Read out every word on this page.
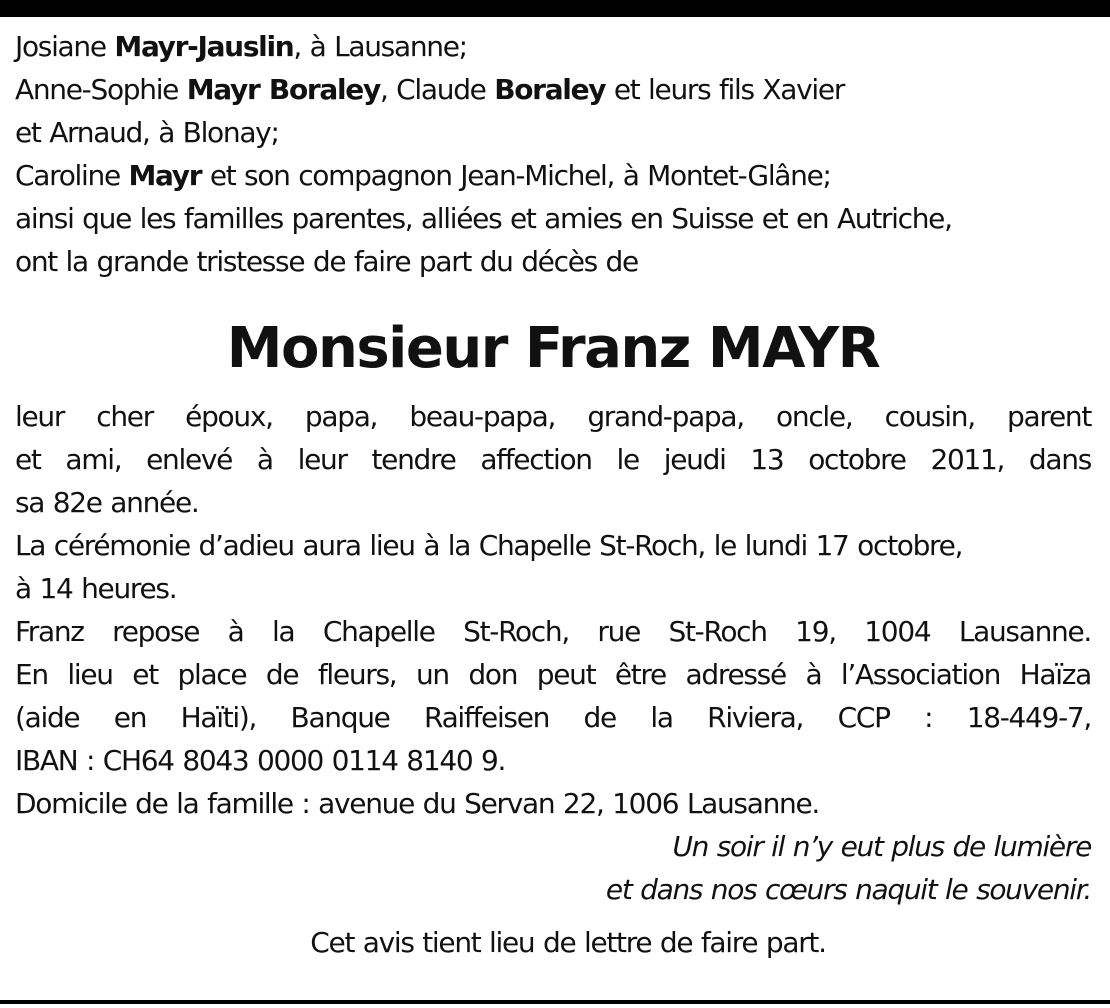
Josiane Mayr-Jauslin, à Lausanne;
Anne-Sophie Mayr Boraley, Claude Boraley et leurs fils Xavier
et Arnaud, à Blonay;
Caroline Mayr et son compagnon Jean-Michel, à Montet-Glâne;
ainsi que les familles parentes, alliées et amies en Suisse et en Autriche,
ont la grande tristesse de faire part du décès de
Monsieur Franz MAYR
leur cher époux, papa, beau-papa, grand-papa, oncle, cousin, parent
et ami, enlevé à leur tendre affection le jeudi 13 octobre 2011, dans
sa 82e année.
La cérémonie d’adieu aura lieu à la Chapelle St-Roch, le lundi 17 octobre,
à 14 heures.
Franz repose à la Chapelle St-Roch, rue St-Roch 19, 1004 Lausanne.
En lieu et place de fleurs, un don peut être adressé à l’Association Haïza
(aide en Haïti), Banque Raiffeisen de la Riviera, CCP : 18-449-7,
IBAN : CH64 8043 0000 0114 8140 9.
Domicile de la famille : avenue du Servan 22, 1006 Lausanne.
Un soir il n’y eut plus de lumière
et dans nos cœurs naquit le souvenir.
Cet avis tient lieu de lettre de faire part.
